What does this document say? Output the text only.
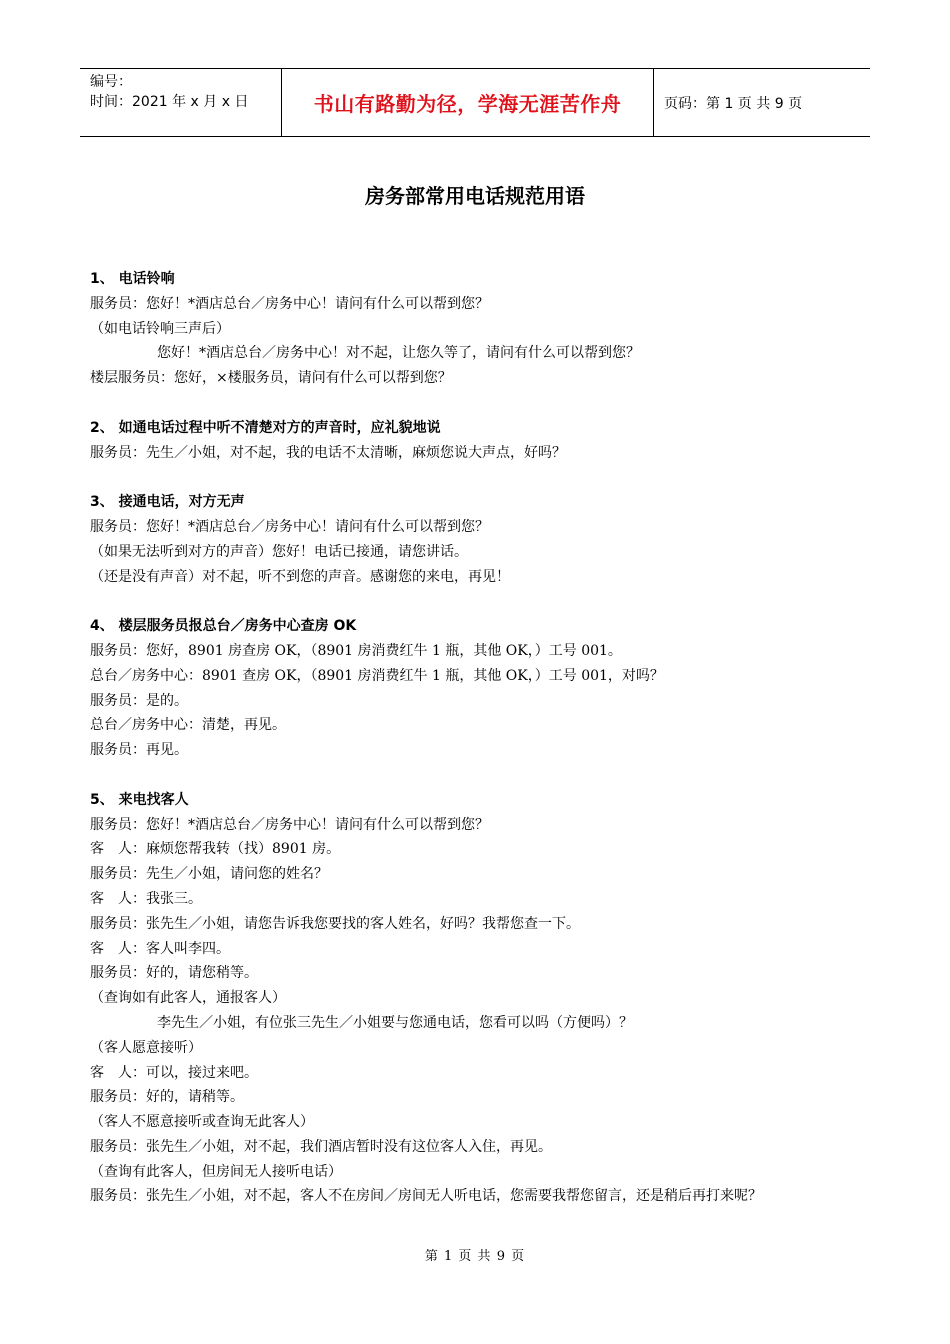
编号：
时间：2021 年 x 月 x 日	书山有路勤为径，学海无涯苦作舟	页码：第 1 页 共 9 页
房务部常用电话规范用语
1、 电话铃响
服务员：您好！*酒店总台／房务中心！请问有什么可以帮到您？
（如电话铃响三声后）
您好！*酒店总台／房务中心！对不起，让您久等了，请问有什么可以帮到您？
楼层服务员：您好，×楼服务员，请问有什么可以帮到您？
2、 如通电话过程中听不清楚对方的声音时，应礼貌地说
服务员：先生／小姐，对不起，我的电话不太清晰，麻烦您说大声点，好吗？
3、 接通电话，对方无声
服务员：您好！*酒店总台／房务中心！请问有什么可以帮到您？
（如果无法听到对方的声音）您好！电话已接通，请您讲话。
（还是没有声音）对不起，听不到您的声音。感谢您的来电，再见！
4、 楼层服务员报总台／房务中心查房 OK
服务员：您好，8901 房查房 OK，（8901 房消费红牛 1 瓶，其他 OK，）工号 001。
总台／房务中心：8901 查房 OK，（8901 房消费红牛 1 瓶，其他 OK，）工号 001，对吗？
服务员：是的。
总台／房务中心：清楚，再见。
服务员：再见。
5、 来电找客人
服务员：您好！*酒店总台／房务中心！请问有什么可以帮到您？
客　人：麻烦您帮我转（找）8901 房。
服务员：先生／小姐，请问您的姓名？
客　人：我张三。
服务员：张先生／小姐，请您告诉我您要找的客人姓名，好吗？我帮您查一下。
客　人：客人叫李四。
服务员：好的，请您稍等。
（查询如有此客人，通报客人）
李先生／小姐，有位张三先生／小姐要与您通电话，您看可以吗（方便吗）？
（客人愿意接听）
客　人：可以，接过来吧。
服务员：好的，请稍等。
（客人不愿意接听或查询无此客人）
服务员：张先生／小姐，对不起，我们酒店暂时没有这位客人入住，再见。
（查询有此客人，但房间无人接听电话）
服务员：张先生／小姐，对不起，客人不在房间／房间无人听电话，您需要我帮您留言，还是稍后再打来呢？
第 1 页 共 9 页
